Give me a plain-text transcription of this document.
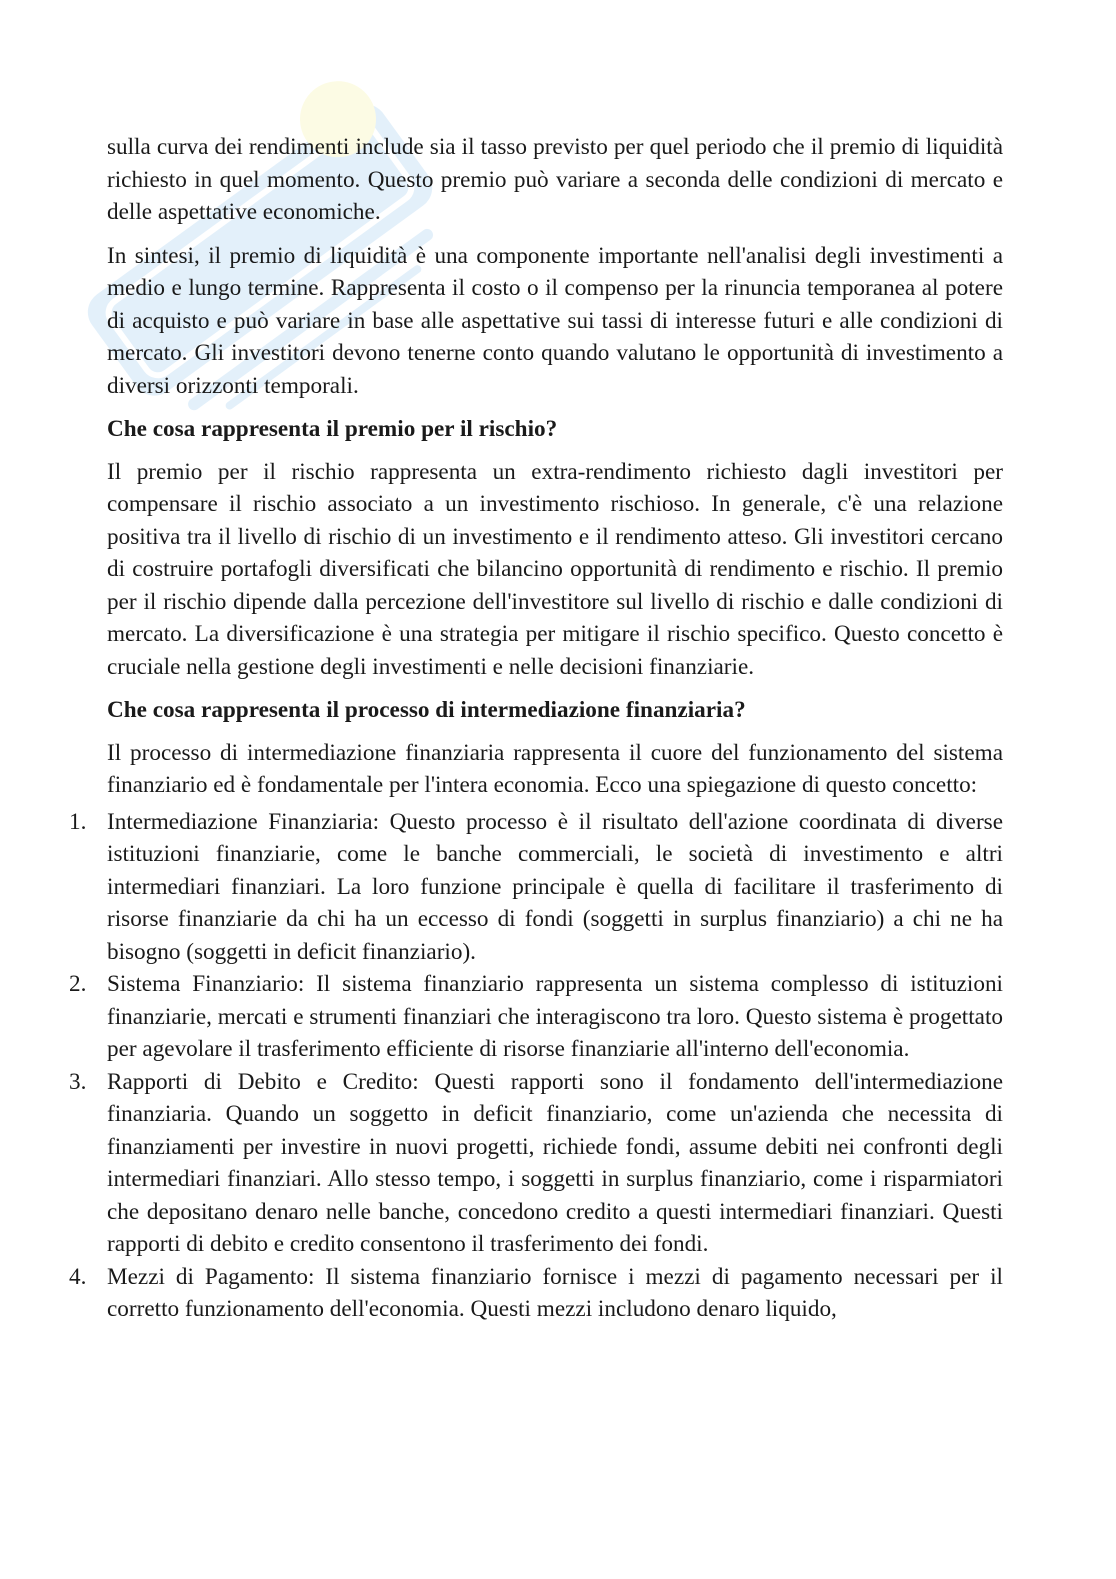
sulla curva dei rendimenti include sia il tasso previsto per quel periodo che il premio di liquidità richiesto in quel momento. Questo premio può variare a seconda delle condizioni di mercato e delle aspettative economiche.

In sintesi, il premio di liquidità è una componente importante nell'analisi degli investimenti a medio e lungo termine. Rappresenta il costo o il compenso per la rinuncia temporanea al potere di acquisto e può variare in base alle aspettative sui tassi di interesse futuri e alle condizioni di mercato. Gli investitori devono tenerne conto quando valutano le opportunità di investimento a diversi orizzonti temporali.

Che cosa rappresenta il premio per il rischio?

Il premio per il rischio rappresenta un extra-rendimento richiesto dagli investitori per compensare il rischio associato a un investimento rischioso. In generale, c'è una relazione positiva tra il livello di rischio di un investimento e il rendimento atteso. Gli investitori cercano di costruire portafogli diversificati che bilancino opportunità di rendimento e rischio. Il premio per il rischio dipende dalla percezione dell'investitore sul livello di rischio e dalle condizioni di mercato. La diversificazione è una strategia per mitigare il rischio specifico. Questo concetto è cruciale nella gestione degli investimenti e nelle decisioni finanziarie.

Che cosa rappresenta il processo di intermediazione finanziaria?

Il processo di intermediazione finanziaria rappresenta il cuore del funzionamento del sistema finanziario ed è fondamentale per l'intera economia. Ecco una spiegazione di questo concetto:

1. Intermediazione Finanziaria: Questo processo è il risultato dell'azione coordinata di diverse istituzioni finanziarie, come le banche commerciali, le società di investimento e altri intermediari finanziari. La loro funzione principale è quella di facilitare il trasferimento di risorse finanziarie da chi ha un eccesso di fondi (soggetti in surplus finanziario) a chi ne ha bisogno (soggetti in deficit finanziario).
2. Sistema Finanziario: Il sistema finanziario rappresenta un sistema complesso di istituzioni finanziarie, mercati e strumenti finanziari che interagiscono tra loro. Questo sistema è progettato per agevolare il trasferimento efficiente di risorse finanziarie all'interno dell'economia.
3. Rapporti di Debito e Credito: Questi rapporti sono il fondamento dell'intermediazione finanziaria. Quando un soggetto in deficit finanziario, come un'azienda che necessita di finanziamenti per investire in nuovi progetti, richiede fondi, assume debiti nei confronti degli intermediari finanziari. Allo stesso tempo, i soggetti in surplus finanziario, come i risparmiatori che depositano denaro nelle banche, concedono credito a questi intermediari finanziari. Questi rapporti di debito e credito consentono il trasferimento dei fondi.
4. Mezzi di Pagamento: Il sistema finanziario fornisce i mezzi di pagamento necessari per il corretto funzionamento dell'economia. Questi mezzi includono denaro liquido,
